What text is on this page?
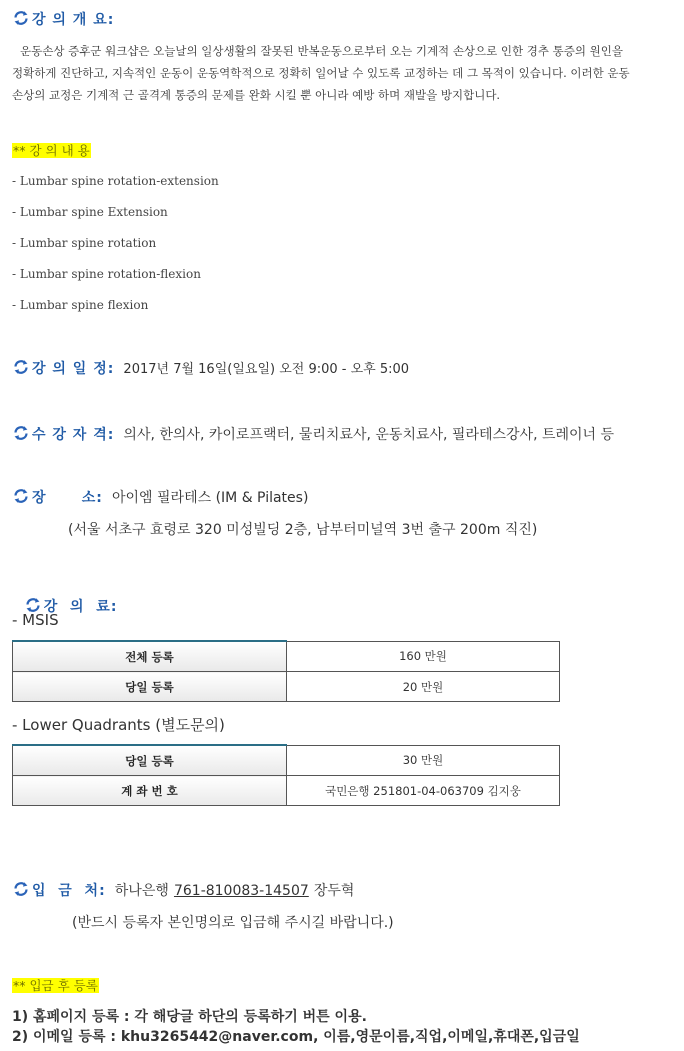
강 의 개 요:
운동손상 증후군 워크샵은 오늘날의 일상생활의 잘못된 반복운동으로부터 오는 기계적 손상으로 인한 경추 통증의 원인을
정확하게 진단하고, 지속적인 운동이 운동역학적으로 정확히 일어날 수 있도록 교정하는 데 그 목적이 있습니다. 이러한 운동
손상의 교정은 기계적 근 골격계 통증의 문제를 완화 시킬 뿐 아니라 예방 하며 재발을 방지합니다.
** 강 의 내 용
- Lumbar spine rotation-extension
- Lumbar spine Extension
- Lumbar spine rotation
- Lumbar spine rotation-flexion
- Lumbar spine flexion
강 의 일 정: 2017년 7월 16일(일요일) 오전 9:00 - 오후 5:00
수 강 자 격: 의사, 한의사, 카이로프랙터, 물리치료사, 운동치료사, 필라테스강사, 트레이너 등
장      소: 아이엠 필라테스 (IM & Pilates)
(서울 서초구 효령로 320 미성빌딩 2층, 남부터미널역 3번 출구 200m 직진)

강  의  료:

- MSIS
전체 등록	160 만원
당일 등록	20 만원
- Lower Quadrants (별도문의)
당일 등록	30 만원
계 좌 번 호	국민은행 251801-04-063709 김지웅
입  금  처: 하나은행 761-810083-14507 장두혁
(반드시 등록자 본인명의로 입금해 주시길 바랍니다.)
** 입금 후 등록
1) 홈페이지 등록 : 각 해당글 하단의 등록하기 버튼 이용.
2) 이메일 등록 : khu3265442@naver.com, 이름,영문이름,직업,이메일,휴대폰,입금일
